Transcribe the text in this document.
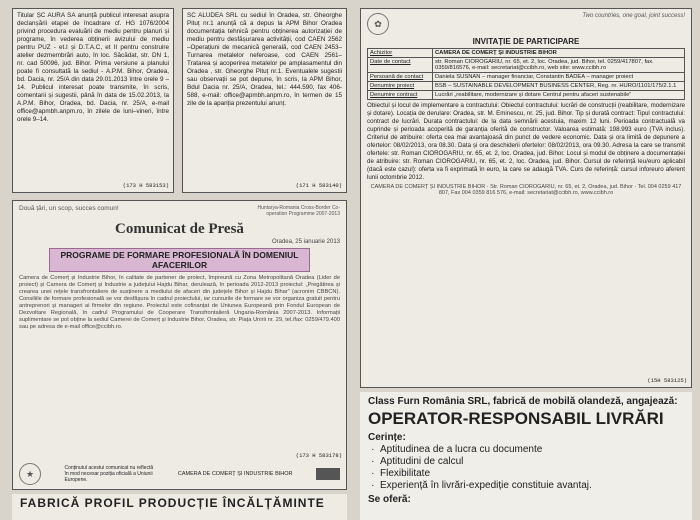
Titular ȘC AURA SA anunță publicul interesat asupra declanșării etapei de încadrare cf. HG 1076/2004 privind procedura evaluării de mediu pentru planuri și programe, în vederea obținerii avizului de mediu pentru PUZ - et.I și D.T.A.C, et II pentru construire atelier dezmembrări auto, în loc. Săcădat, str. DN 1, nr. cad 50096, jud. Bihor. Prima versiune a planului poate fi consultată la sediul - A.P.M. Bihor, Oradea, bd. Dacia, nr. 25/A din data 29.01.2013 între orele 9 – 14. Publicul interesat poate transmite, în scris, comentarii și sugestii, până în data de 15.02.2013, la A.P.M. Bihor, Oradea, bd. Dacia, nr. 25/A, e-mail office@apmbh.anpm.ro, în zilele de luni–vineri, între orele 9–14.
(173 H 583153)
SC ALUDEA SRL cu sediul în Oradea, str. Gheorghe Pituț nr.1 anunță că a depus la APM Bihor Oradea documentația tehnică pentru obținerea autorizației de mediu pentru desfășurarea activității, cod CAEN 2562 –Operațiuni de mecanică generală, cod CAEN 2453–Turnarea metalelor neferoase, cod CAEN 2561–Tratarea și acoperirea metalelor pe amplasamentul din Oradea , str. Gheorghe Pituț nr.1. Eventualele sugestii sau observații se pot depune, în scris, la APM Bihor, Bdul Dacia nr. 25/A, Oradea, tel.: 444.590, fax 406-588, e-mail: office@apmbh.anpm.ro, în termen de 15 zile de la apariția prezentului anunț.
(171 H 583140)
Două țări, un scop, succes comun!	Huntarya-Romania Cross-Border Co-operation Programme 2007-2013
Comunicat de Presă
Oradea, 25 ianuarie 2013
PROGRAME DE FORMARE PROFESIONALĂ ÎN DOMENIUL AFACERILOR
Camera de Comerț și Industrie Bihor, în calitate de partener de proiect, împreună cu Zona Metropolitană Oradea (Lider de proiect) și Camera de Comerț și Industrie a județului Hajdu Bihar, derulează, în perioada 2012-2013 proiectul: „Pregătirea și crearea unei rețele transfrontaliere de susținere a mediului de afaceri din județele Bihor și Hajdu Bihar” (acronim CBBCN). Consiliile de formare profesională se vor desfășura în cadrul proiectului, iar cursurile de formare se vor organiza gratuit pentru antreprenori și manageri ai firmelor din regiune. Proiectul este cofinanțat de Uniunea Europeană prin Fondul European de Dezvoltare Regională, în cadrul Programului de Cooperare Transfrontalieră Ungaria-România 2007-2013. Informații suplimentare se pot obține la sediul Camerei de Comerț și Industrie Bihor, Oradea, str. Piața Unirii nr. 29, tel./fax: 0259/479.400 sau pe adresa de e-mail office@ccibh.ro.
★
Conținutul acestui comunicat nu reflectă în mod necesar poziția oficială a Uniunii Europene.
CAMERA DE COMERȚ ȘI INDUSTRIE BIHOR
(173 H 583178)
FABRICĂ PROFIL PRODUCȚIE ÎNCĂLȚĂMINTE
✿
Two countries, one goal, joint success!
INVITAȚIE DE PARTICIPARE
Achizitor	CAMERA DE COMERȚ ȘI INDUSTRIE BIHOR
Date de contact	str. Roman CIOROGARIU, nr. 65, et. 2, loc. Oradea, jud. Bihor, tel. 0259/417807, fax. 0359/816576, e-mail: secretariat@ccibh.ro, web site: www.ccibh.ro
Persoană de contact	Daniela SUSNAN – manager financiar, Constantin BADEA – manager proiect
Denumire proiect	BSB – SUSTAINABLE DEVELOPMENT BUSINESS CENTER, Reg. nr. HURO/1101/175/2.1.1
Denumire contract	Lucrări „reabilitare, modernizare și dotare Centrul pentru afaceri sustenabile”
Obiectul și locul de implementare a contractului: Obiectul contractului: lucrări de construcții (reabilitare, modernizare și dotare). Locația de derulare: Oradea, str. M. Eminescu, nr. 25, jud. Bihor. Tip și durată contract: Tipul contractului: contract de lucrări. Durata contractului: de la data semnării acestuia, maxim 12 luni. Perioada contractuală va cuprinde și perioada acoperită de garanția oferită de constructor. Valoarea estimată: 198.993 euro (TVA inclus). Criteriul de atribuire: oferta cea mai avantajoasă din punct de vedere economic. Data și ora limită de depunere a ofertelor: 08/02/2013, ora 08.30. Data și ora deschiderii ofertelor: 08/02/2013, ora 09.30. Adresa la care se transmit ofertele: str. Roman CIOROGARIU, nr. 65, et. 2, loc. Oradea, jud. Bihor. Locul și modul de obținere a documentației de atribuire: str. Roman CIOROGARIU, nr. 65, et. 2, loc. Oradea, jud. Bihor. Cursul de referință leu/euro aplicabil (dacă este cazul): oferta va fi exprimată în euro, la care se adaugă TVA. Curs de referință: cursul inforeuro aferent lunii octombrie 2012.
CAMERA DE COMERȚ ȘI INDUSTRIE BIHOR · Str. Roman CIOROGARIU, nr. 65, et. 2, Oradea, jud. Bihor · Tel. 004 0259 417 807, Fax 004 0359 816 576, e-mail: secretariat@ccibh.ro, www.ccibh.ro
(15H 583125)
Class Furn România SRL, fabrică de mobilă olandeză, angajează:
OPERATOR-RESPONSABIL LIVRĂRI
Cerințe:
· Aptitudinea de a lucra cu documente
· Aptitudini de calcul
· Flexibilitate
· Experiență în livrări-expediție constituie avantaj.
Se oferă:
